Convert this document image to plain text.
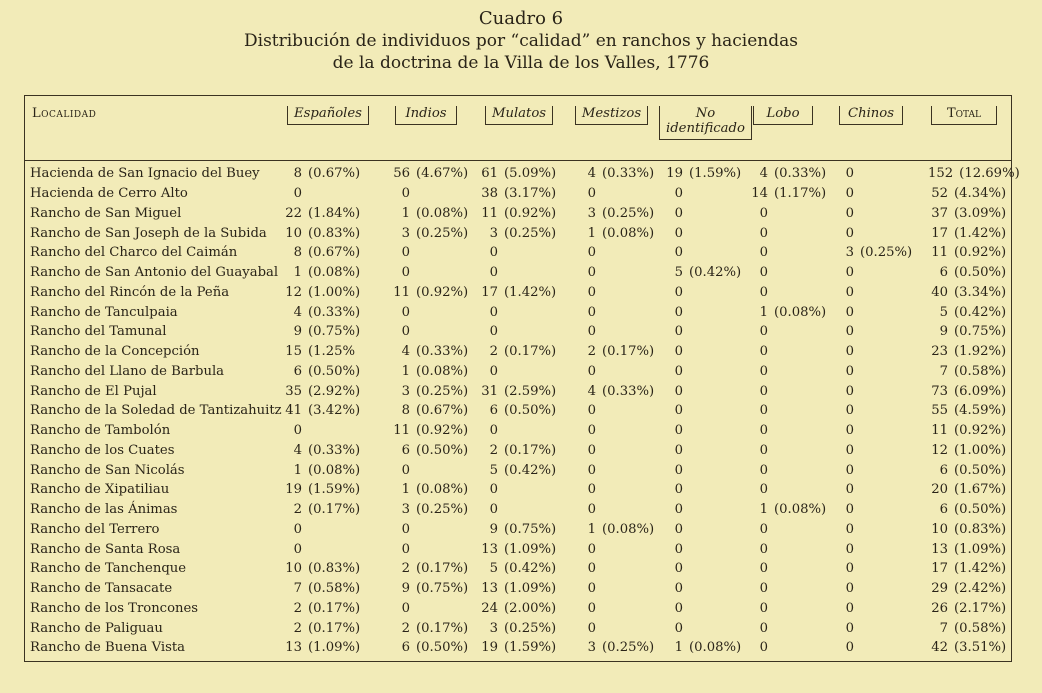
Cuadro 6
Distribución de individuos por “calidad” en ranchos y haciendas
de la doctrina de la Villa de los Valles, 1776
Localidad	Españoles	Indios	Mulatos	Mestizos	No identificado	Lobo	Chinos	Total
Hacienda de San Ignacio del Buey	8 (0.67%)	56 (4.67%)	61 (5.09%)	4 (0.33%)	19 (1.59%)	4 (0.33%)	0	152 (12.69%)
Hacienda de Cerro Alto	0	0	38 (3.17%)	0	0	14 (1.17%)	0	52 (4.34%)
Rancho de San Miguel	22 (1.84%)	1 (0.08%)	11 (0.92%)	3 (0.25%)	0	0	0	37 (3.09%)
Rancho de San Joseph de la Subida	10 (0.83%)	3 (0.25%)	3 (0.25%)	1 (0.08%)	0	0	0	17 (1.42%)
Rancho del Charco del Caimán	8 (0.67%)	0	0	0	0	0	3 (0.25%)	11 (0.92%)
Rancho de San Antonio del Guayabal	1 (0.08%)	0	0	0	5 (0.42%)	0	0	6 (0.50%)
Rancho del Rincón de la Peña	12 (1.00%)	11 (0.92%)	17 (1.42%)	0	0	0	0	40 (3.34%)
Rancho de Tanculpaia	4 (0.33%)	0	0	0	0	1 (0.08%)	0	5 (0.42%)
Rancho del Tamunal	9 (0.75%)	0	0	0	0	0	0	9 (0.75%)
Rancho de la Concepción	15 (1.25%	4 (0.33%)	2 (0.17%)	2 (0.17%)	0	0	0	23 (1.92%)
Rancho del Llano de Barbula	6 (0.50%)	1 (0.08%)	0	0	0	0	0	7 (0.58%)
Rancho de El Pujal	35 (2.92%)	3 (0.25%)	31 (2.59%)	4 (0.33%)	0	0	0	73 (6.09%)
Rancho de la Soledad de Tantizahuitz	41 (3.42%)	8 (0.67%)	6 (0.50%)	0	0	0	0	55 (4.59%)
Rancho de Tambolón	0	11 (0.92%)	0	0	0	0	0	11 (0.92%)
Rancho de los Cuates	4 (0.33%)	6 (0.50%)	2 (0.17%)	0	0	0	0	12 (1.00%)
Rancho de San Nicolás	1 (0.08%)	0	5 (0.42%)	0	0	0	0	6 (0.50%)
Rancho de Xipatiliau	19 (1.59%)	1 (0.08%)	0	0	0	0	0	20 (1.67%)
Rancho de las Ánimas	2 (0.17%)	3 (0.25%)	0	0	0	1 (0.08%)	0	6 (0.50%)
Rancho del Terrero	0	0	9 (0.75%)	1 (0.08%)	0	0	0	10 (0.83%)
Rancho de Santa Rosa	0	0	13 (1.09%)	0	0	0	0	13 (1.09%)
Rancho de Tanchenque	10 (0.83%)	2 (0.17%)	5 (0.42%)	0	0	0	0	17 (1.42%)
Rancho de Tansacate	7 (0.58%)	9 (0.75%)	13 (1.09%)	0	0	0	0	29 (2.42%)
Rancho de los Troncones	2 (0.17%)	0	24 (2.00%)	0	0	0	0	26 (2.17%)
Rancho de Paliguau	2 (0.17%)	2 (0.17%)	3 (0.25%)	0	0	0	0	7 (0.58%)
Rancho de Buena Vista	13 (1.09%)	6 (0.50%)	19 (1.59%)	3 (0.25%)	1 (0.08%)	0	0	42 (3.51%)
